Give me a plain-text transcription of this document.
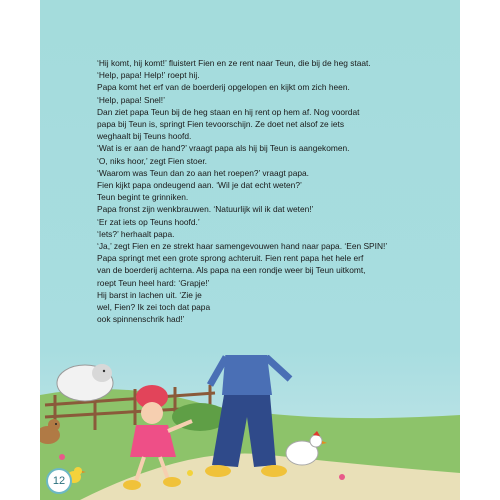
‘Hij komt, hij komt!’ fluistert Fien en ze rent naar Teun, die bij de heg staat.

‘Help, papa! Help!’ roept hij.

Papa komt het erf van de boerderij opgelopen en kijkt om zich heen.

‘Help, papa! Snel!’

Dan ziet papa Teun bij de heg staan en hij rent op hem af. Nog voordat

papa bij Teun is, springt Fien tevoorschijn. Ze doet net alsof ze iets

weghaalt bij Teuns hoofd.

‘Wat is er aan de hand?’ vraagt papa als hij bij Teun is aangekomen.

‘O, niks hoor,’ zegt Fien stoer.

‘Waarom was Teun dan zo aan het roepen?’ vraagt papa.

Fien kijkt papa ondeugend aan. ‘Wil je dat echt weten?’

Teun begint te grinniken.

Papa fronst zijn wenkbrauwen. ‘Natuurlijk wil ik dat weten!’

‘Er zat iets op Teuns hoofd.’

‘Iets?’ herhaalt papa.

‘Ja,’ zegt Fien en ze strekt haar samengevouwen hand naar papa. ‘Een SPIN!’

Papa springt met een grote sprong achteruit. Fien rent papa het hele erf

van de boerderij achterna. Als papa na een rondje weer bij Teun uitkomt,

roept Teun heel hard: ‘Grapje!’

Hij barst in lachen uit. ‘Zie je

wel, Fien? Ik zei toch dat papa

ook spinnenschrik had!’

12
